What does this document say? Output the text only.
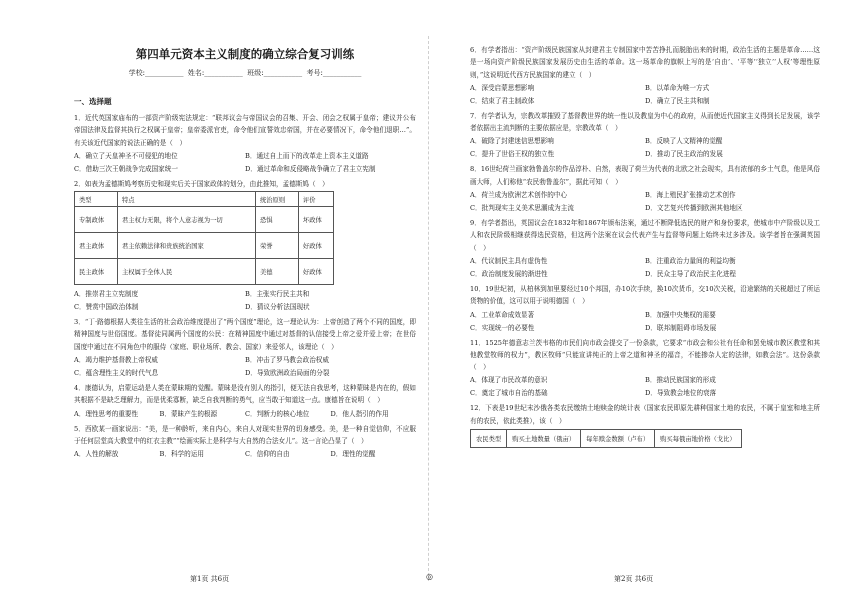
第四单元资本主义制度的确立综合复习训练
学校:___________ 姓名:___________ 班级:___________ 考号:___________
一、选择题

1．近代英国家庙布的一部资产阶级宪法规定：“联邦议会与帝国议会的召集、开会、闭会之权属于皇帝；建议并公布帝国法律及监督其执行之权属于皇帝；皇帝委派官吏，命令他们宣誓效忠帝国，并在必要情况下，命令他们退职…”。有关该近代国家的说法正确的是（　）

A．确立了天皇神圣不可侵犯的地位	B．通过自上而下的改革走上资本主义道路
C．借助三次王朝战争完成国家统一	D．通过革命和反侵略战争确立了君主立宪制

2．如表为孟德斯鸠考察历史和现实后关于国家政体的划分，由此推知，孟德斯鸠（　）

类型	特点	统治原则	评价
专制政体	君主权力无限，将个人意志视为一切	恐惧	坏政体
君主政体	君主依赖法律和贵族统治国家	荣誉	好政体
民主政体	主权属于全体人民	美德	好政体
A．推崇君主立宪制度	B．主张实行民主共和
C．赞赏中国政治体制	D．猜议分析法国现状

3．“丁·路德根据人类往生活的社会政治维度提出了“两个国度”理论，这一理论认为：上帝创造了两个不同的国度，即精神国度与世俗国度。基督徒同属两个国度的公民：在精神国度中通过对基督的认信接受上帝之爱并爱上帝；在世俗国度中通过在不同角色中的服侍（家庭、职业场所、教会、国家）来爱邻人，该理论（　）

A．竭力维护基督教上帝权威	B．冲击了罗马教会政治权威
C．蕴含理性主义的时代气息	D．导致欧洲政治局面的分裂

4．康德认为，启蒙运动是人类在蒙昧期的觉醒。蒙昧是没有别人的指引，便无法自我思考，这种蒙昧是内在的，假如其根据不是缺乏理解力，而是优柔寡断，缺乏自我判断的勇气，应当敢于知道这一点。康德旨在说明（　）

A．理性思考的重要性	B．蒙昧产生的根源	C．判断力的核心地位	D．他人指引的作用

5．西欧某一画家说出：“美，是一种龄听，来自内心，来自人对现实世界的切身感受。美，是一种自觉信仰，不应服于任何层堂高大教堂中的红衣主教”“绘画实际上是科学与大自然的合法女儿”。这一言论凸显了（　）

A．人性的解放	B．科学的运用	C．信仰的自由	D．理性的觉醒

6．有学者指出：“资产阶级民族国家从封建君主专制国家中苦苦挣扎而脱胎出来的时期，政治生活的主题是革命……这是一场向资产阶级民族国家发展历史由生活的革命。这一场革命的旗帜上写的是‘自由’、‘平等’‘独立’‘人权’等理性原则，”这说明近代西方民族国家的建立（　）

A．深受启蒙思想影响	B．以革命为唯一方式
C．结束了君主制政体	D．确立了民主共和制

7．有学者认为，宗教改革摧毁了基督教世界的统一性以及教皇为中心的政府，从而使近代国家主义得到长足发展，该学者依据出主流判断的主要依据应是，宗教改革（　）

A．破除了封建迷信思想影响	B．反映了人文精神的觉醒
C．提升了世俗王权的独立性	D．推动了民主政治的发展

8．16世纪荷兰画家勃鲁盖尔的作品淳朴、自然，表现了荷兰为代表的北欧之社会现实，具有浓郁的乡土气息，他是风俗画大师，人们称他“农民勃鲁盖尔”，据此可知（　）

A．荷兰成为欧洲艺术创作的中心	B．海上殖民扩张推动艺术创作
C．批判现实主义美术思潮成为主流	D．文艺复兴传播到欧洲其他地区

9．有学者指出，英国议会在1832年和1867年颁布法案，通过不断降低选民的财产和身份要求，使城市中产阶级以及工人和农民阶级相继获得选民资格，但这两个法案在议会代表产生与监督等问题上始终未过多涉及。该学者旨在强调英国（　）

A．代议制民主具有虚伪性	B．注重政治力量间的利益均衡
C．政治制度发展的渐进性	D．民众主导了政治民主化进程

10．19世纪初，从柏林到加里要经过10个邦国，办10次手续，换10次货币，交10次关税，沿途繁纳的关税超过了所运货物的价值，这可以用于说明德国（　）

A．工业革命成效显著	B．加强中央集权的需要
C．实现统一的必要性	D．联邦制阻碍市场发展

11．1525年德意志兰茨韦格的市民们向市政会提交了一份条款，它要求“市政会和公社有任命和罢免城市教区教堂和其他教堂牧师的权力”，教区牧师“只能宣讲纯正的上帝之道和神圣的福音，不能掺杂人定的法律，如教会法”。这份条款（　）

A．体现了市民改革的意识	B．推动民族国家的形成
C．奠定了城市自治的基础	D．导致教会地位的衰落

12．下表是19世纪末沙俄各类农民缴纳土地赎金的统计表（国家农民即原先耕种国家土地的农民，不属于皇室和地主所有的农民，依此类推），该（　）

农民类型	购买土地数量（俄亩）	每年赎金数额（卢布）	购买每俄亩地价格（戈比）
第1页 共6页	◎	第2页 共6页
